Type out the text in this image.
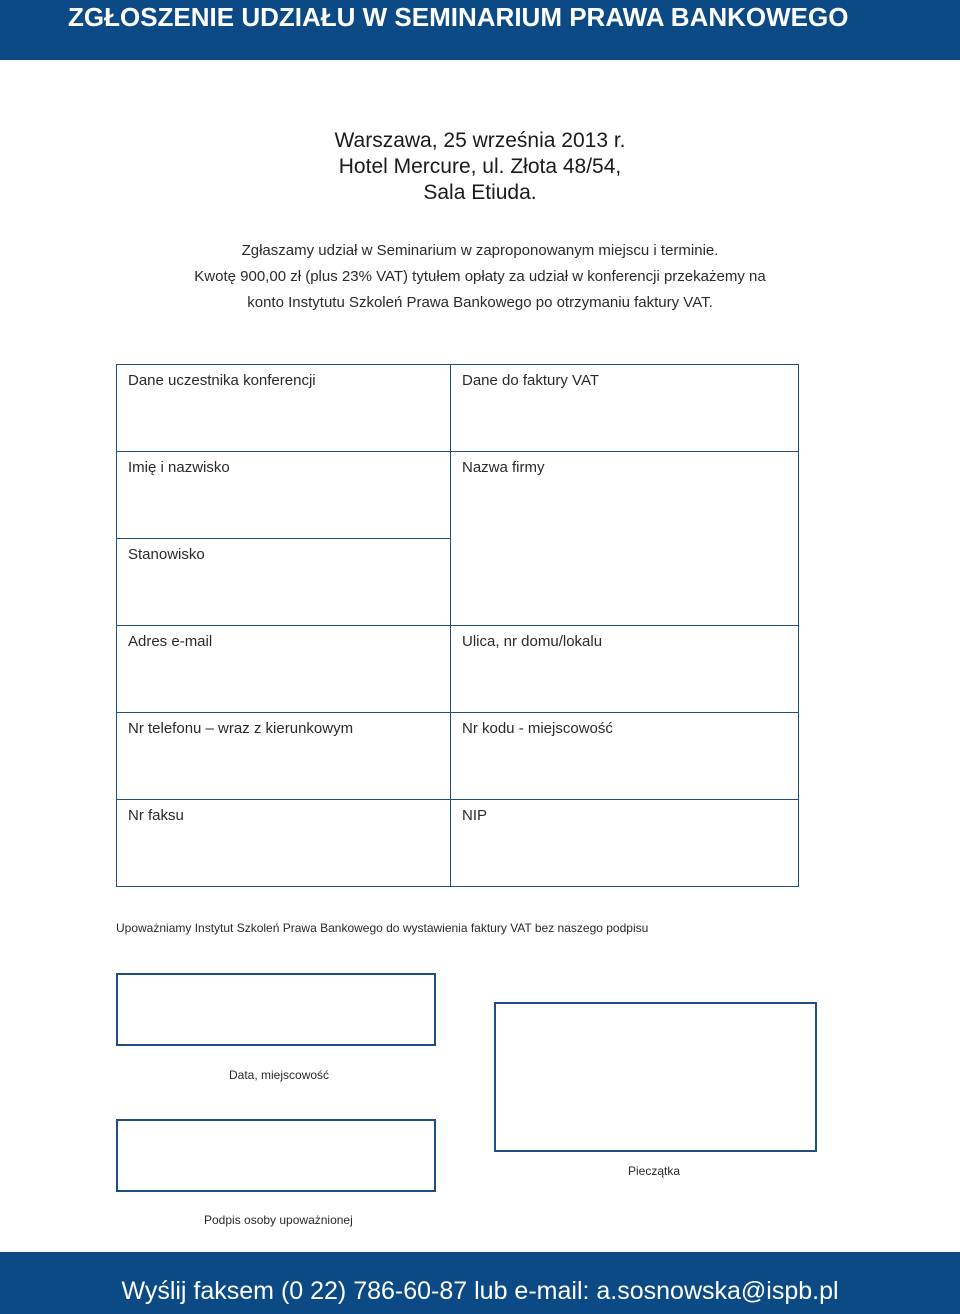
ZGŁOSZENIE UDZIAŁU W SEMINARIUM PRAWA BANKOWEGO
Warszawa, 25 września 2013 r.
Hotel Mercure, ul. Złota 48/54,
Sala Etiuda.
Zgłaszamy udział w Seminarium w zaproponowanym miejscu i terminie.
Kwotę 900,00 zł (plus 23% VAT) tytułem opłaty za udział w konferencji przekażemy na
konto Instytutu Szkoleń Prawa Bankowego po otrzymaniu faktury VAT.
Dane uczestnika konferencji
Imię i nazwisko
Stanowisko
Adres e-mail
Nr telefonu – wraz z kierunkowym
Nr faksu
Dane do faktury VAT
Nazwa firmy
Ulica, nr domu/lokalu
Nr kodu - miejscowość
NIP
Upoważniamy Instytut Szkoleń Prawa Bankowego do wystawienia faktury VAT bez naszego podpisu
Data, miejscowość
Podpis osoby upoważnionej
Pieczątka
Wyślij faksem (0 22) 786-60-87 lub e-mail: a.sosnowska@ispb.pl
